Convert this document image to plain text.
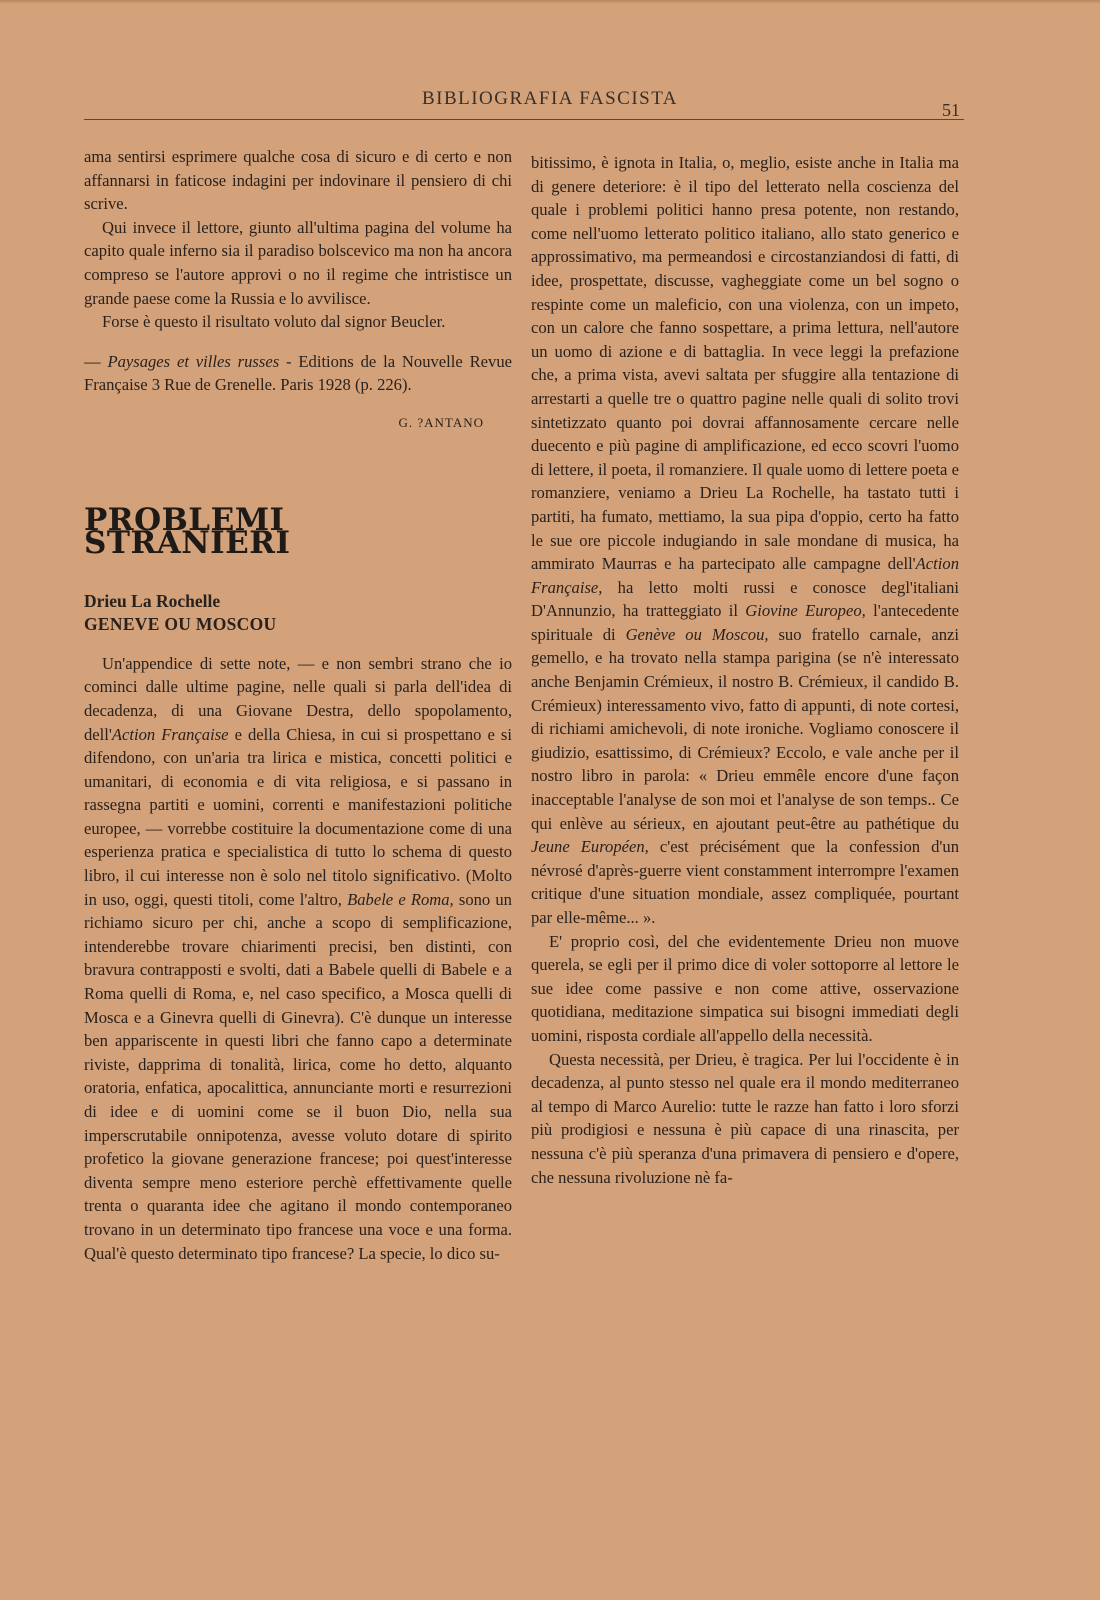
BIBLIOGRAFIA FASCISTA
51

ama sentirsi esprimere qualche cosa di sicuro e di certo e non affannarsi in faticose indagini per indovinare il pensiero di chi scrive.

Qui invece il lettore, giunto all'ultima pagina del volume ha capito quale inferno sia il paradiso bolscevico ma non ha ancora compreso se l'autore approvi o no il regime che intristisce un grande paese come la Russia e lo avvilisce.

Forse è questo il risultato voluto dal signor Beucler.

— Paysages et villes russes - Editions de la Nouvelle Revue Française 3 Rue de Grenelle. Paris 1928 (p. 226).

G. ?ANTANO
PROBLEMI STRANIERI
Drieu La Rochelle
GENEVE OU MOSCOU

Un'appendice di sette note, — e non sembri strano che io cominci dalle ultime pagine, nelle quali si parla dell'idea di decadenza, di una Giovane Destra, dello spopolamento, dell'Action Française e della Chiesa, in cui si prospettano e si difendono, con un'aria tra lirica e mistica, concetti politici e umanitari, di economia e di vita religiosa, e si passano in rassegna partiti e uomini, correnti e manifestazioni politiche europee, — vorrebbe costituire la documentazione come di una esperienza pratica e specialistica di tutto lo schema di questo libro, il cui interesse non è solo nel titolo significativo. (Molto in uso, oggi, questi titoli, come l'altro, Babele e Roma, sono un richiamo sicuro per chi, anche a scopo di semplificazione, intenderebbe trovare chiarimenti precisi, ben distinti, con bravura contrapposti e svolti, dati a Babele quelli di Babele e a Roma quelli di Roma, e, nel caso specifico, a Mosca quelli di Mosca e a Ginevra quelli di Ginevra). C'è dunque un interesse ben appariscente in questi libri che fanno capo a determinate riviste, dapprima di tonalità, lirica, come ho detto, alquanto oratoria, enfatica, apocalittica, annunciante morti e resurrezioni di idee e di uomini come se il buon Dio, nella sua imperscrutabile onnipotenza, avesse voluto dotare di spirito profetico la giovane generazione francese; poi quest'interesse diventa sempre meno esteriore perchè effettivamente quelle trenta o quaranta idee che agitano il mondo contemporaneo trovano in un determinato tipo francese una voce e una forma. Qual'è questo determinato tipo francese? La specie, lo dico su-

bitissimo, è ignota in Italia, o, meglio, esiste anche in Italia ma di genere deteriore: è il tipo del letterato nella coscienza del quale i problemi politici hanno presa potente, non restando, come nell'uomo letterato politico italiano, allo stato generico e approssimativo, ma permeandosi e circostanziandosi di fatti, di idee, prospettate, discusse, vagheggiate come un bel sogno o respinte come un maleficio, con una violenza, con un impeto, con un calore che fanno sospettare, a prima lettura, nell'autore un uomo di azione e di battaglia. In vece leggi la prefazione che, a prima vista, avevi saltata per sfuggire alla tentazione di arrestarti a quelle tre o quattro pagine nelle quali di solito trovi sintetizzato quanto poi dovrai affannosamente cercare nelle duecento e più pagine di amplificazione, ed ecco scovri l'uomo di lettere, il poeta, il romanziere. Il quale uomo di lettere poeta e romanziere, veniamo a Drieu La Rochelle, ha tastato tutti i partiti, ha fumato, mettiamo, la sua pipa d'oppio, certo ha fatto le sue ore piccole indugiando in sale mondane di musica, ha ammirato Maurras e ha partecipato alle campagne dell'Action Française, ha letto molti russi e conosce degl'italiani D'Annunzio, ha tratteggiato il Giovine Europeo, l'antecedente spirituale di Genève ou Moscou, suo fratello carnale, anzi gemello, e ha trovato nella stampa parigina (se n'è interessato anche Benjamin Crémieux, il nostro B. Crémieux, il candido B. Crémieux) interessamento vivo, fatto di appunti, di note cortesi, di richiami amichevoli, di note ironiche. Vogliamo conoscere il giudizio, esattissimo, di Crémieux? Eccolo, e vale anche per il nostro libro in parola: « Drieu emmêle encore d'une façon inacceptable l'analyse de son moi et l'analyse de son temps.. Ce qui enlève au sérieux, en ajoutant peut-être au pathétique du Jeune Européen, c'est précisément que la confession d'un névrosé d'après-guerre vient constamment interrompre l'examen critique d'une situation mondiale, assez compliquée, pourtant par elle-même... ».

E' proprio così, del che evidentemente Drieu non muove querela, se egli per il primo dice di voler sottoporre al lettore le sue idee come passive e non come attive, osservazione quotidiana, meditazione simpatica sui bisogni immediati degli uomini, risposta cordiale all'appello della necessità.

Questa necessità, per Drieu, è tragica. Per lui l'occidente è in decadenza, al punto stesso nel quale era il mondo mediterraneo al tempo di Marco Aurelio: tutte le razze han fatto i loro sforzi più prodigiosi e nessuna è più capace di una rinascita, per nessuna c'è più speranza d'una primavera di pensiero e d'opere, che nessuna rivoluzione nè fa-
